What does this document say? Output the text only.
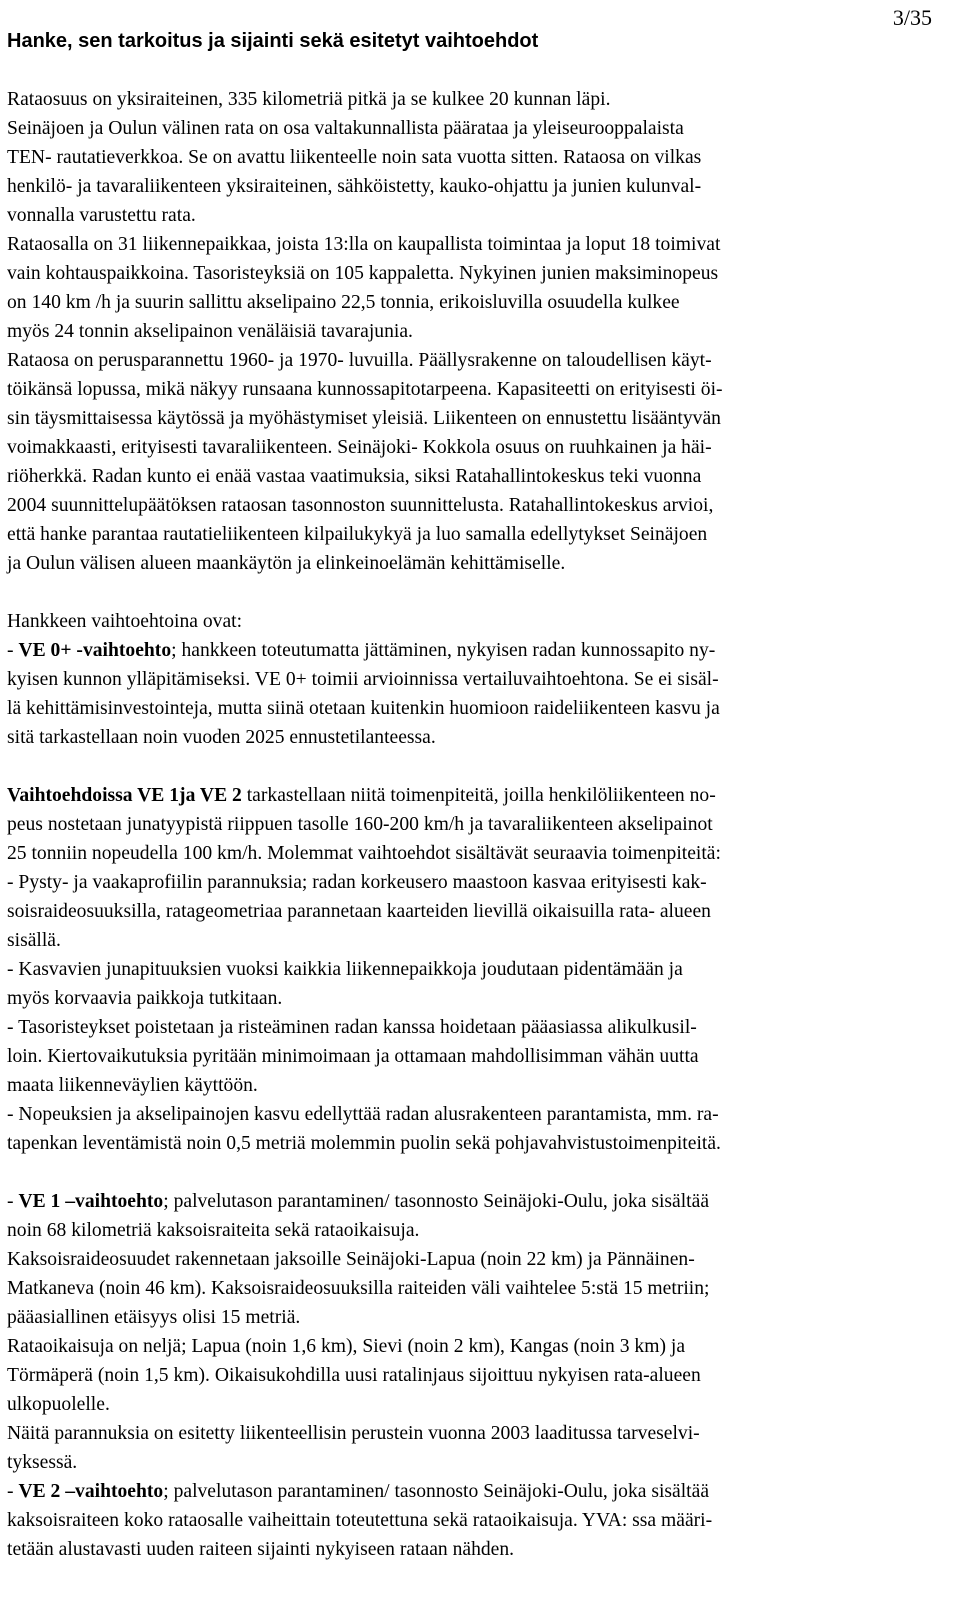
3/35
Hanke, sen tarkoitus ja sijainti sekä esitetyt vaihtoehdot
Rataosuus on yksiraiteinen, 335 kilometriä pitkä ja se kulkee 20 kunnan läpi.
Seinäjoen ja Oulun välinen rata on osa valtakunnallista päärataa ja yleiseurooppalaista
TEN- rautatieverkkoa. Se on avattu liikenteelle noin sata vuotta sitten. Rataosa on vilkas
henkilö- ja tavaraliikenteen yksiraiteinen, sähköistetty, kauko-ohjattu ja junien kulunval-
vonnalla varustettu rata.
Rataosalla on 31 liikennepaikkaa, joista 13:lla on kaupallista toimintaa ja loput 18 toimivat
vain kohtauspaikkoina. Tasoristeyksiä on 105 kappaletta. Nykyinen junien maksiminopeus
on 140 km /h ja suurin sallittu akselipaino 22,5 tonnia, erikoisluvilla osuudella kulkee
myös 24 tonnin akselipainon venäläisiä tavarajunia.
Rataosa on perusparannettu 1960- ja 1970- luvuilla. Päällysrakenne on taloudellisen käyt-
töikänsä lopussa, mikä näkyy runsaana kunnossapitotarpeena. Kapasiteetti on erityisesti öi-
sin täysmittaisessa käytössä ja myöhästymiset yleisiä. Liikenteen on ennustettu lisääntyvän
voimakkaasti, erityisesti tavaraliikenteen. Seinäjoki- Kokkola osuus on ruuhkainen ja häi-
riöherkkä. Radan kunto ei enää vastaa vaatimuksia, siksi Ratahallintokeskus teki vuonna
2004 suunnittelupäätöksen rataosan tasonnoston suunnittelusta. Ratahallintokeskus arvioi,
että hanke parantaa rautatieliikenteen kilpailukykyä ja luo samalla edellytykset Seinäjoen
ja Oulun välisen alueen maankäytön ja elinkeinoelämän kehittämiselle.
Hankkeen vaihtoehtoina ovat:
- VE 0+ -vaihtoehto; hankkeen toteutumatta jättäminen, nykyisen radan kunnossapito ny-
kyisen kunnon ylläpitämiseksi. VE 0+ toimii arvioinnissa vertailuvaihtoehtona. Se ei sisäl-
lä kehittämisinvestointeja, mutta siinä otetaan kuitenkin huomioon raideliikenteen kasvu ja
sitä tarkastellaan noin vuoden 2025 ennustetilanteessa.
Vaihtoehdoissa VE 1ja VE 2 tarkastellaan niitä toimenpiteitä, joilla henkilöliikenteen no-
peus nostetaan junatyypistä riippuen tasolle 160-200 km/h ja tavaraliikenteen akselipainot
25 tonniin nopeudella 100 km/h. Molemmat vaihtoehdot sisältävät seuraavia toimenpiteitä:
- Pysty- ja vaakaprofiilin parannuksia; radan korkeusero maastoon kasvaa erityisesti kak-
soisraideosuuksilla, ratageometriaa parannetaan kaarteiden lievillä oikaisuilla rata- alueen
sisällä.
- Kasvavien junapituuksien vuoksi kaikkia liikennepaikkoja joudutaan pidentämään ja
myös korvaavia paikkoja tutkitaan.
- Tasoristeykset poistetaan ja risteäminen radan kanssa hoidetaan pääasiassa alikulkusil-
loin. Kiertovaikutuksia pyritään minimoimaan ja ottamaan mahdollisimman vähän uutta
maata liikenneväylien käyttöön.
- Nopeuksien ja akselipainojen kasvu edellyttää radan alusrakenteen parantamista, mm. ra-
tapenkan leventämistä noin 0,5 metriä molemmin puolin sekä pohjavahvistustoimenpiteitä.
- VE 1 –vaihtoehto; palvelutason parantaminen/ tasonnosto Seinäjoki-Oulu, joka sisältää
noin 68 kilometriä kaksoisraiteita sekä rataoikaisuja.
Kaksoisraideosuudet rakennetaan jaksoille Seinäjoki-Lapua (noin 22 km) ja Pännäinen-
Matkaneva (noin 46 km). Kaksoisraideosuuksilla raiteiden väli vaihtelee 5:stä 15 metriin;
pääasiallinen etäisyys olisi 15 metriä.
Rataoikaisuja on neljä; Lapua (noin 1,6 km), Sievi (noin 2 km), Kangas (noin 3 km) ja
Törmäperä (noin 1,5 km). Oikaisukohdilla uusi ratalinjaus sijoittuu nykyisen rata-alueen
ulkopuolelle.
Näitä parannuksia on esitetty liikenteellisin perustein vuonna 2003 laaditussa tarveselvi-
tyksessä.
- VE 2 –vaihtoehto; palvelutason parantaminen/ tasonnosto Seinäjoki-Oulu, joka sisältää
kaksoisraiteen koko rataosalle vaiheittain toteutettuna sekä rataoikaisuja. YVA: ssa määri-
tetään alustavasti uuden raiteen sijainti nykyiseen rataan nähden.
